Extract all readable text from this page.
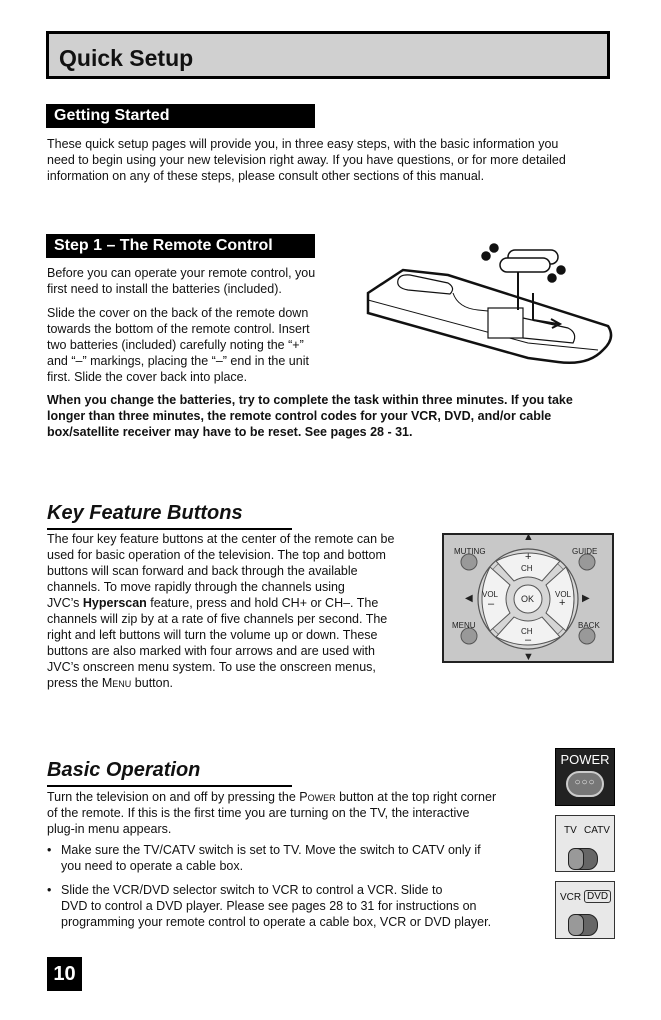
Quick Setup
Getting Started

These quick setup pages will provide you, in three easy steps, with the basic information you

need to begin using your new television right away. If you have questions, or for more detailed

information on any of these steps, please consult other sections of this manual.

Step 1 – The Remote Control

Before you can operate your remote control, you

first need to install the batteries (included).

Slide the cover on the back of the remote down

towards the bottom of the remote control. Insert

two batteries (included) carefully noting the “+”

and “–” markings, placing the “–” end in the unit

first. Slide the cover back into place.

When you change the batteries, try to complete the task within three minutes. If you take

longer than three minutes, the remote control codes for your VCR, DVD, and/or cable

box/satellite receiver may have to be reset. See pages 28 - 31.

Key Feature Buttons

The four key feature buttons at the center of the remote can be

used for basic operation of the television. The top and bottom

buttons will scan forward and back through the available

channels. To move rapidly through the channels using

JVC’s Hyperscan feature, press and hold CH+ or CH–. The

channels will zip by at a rate of five channels per second. The

right and left buttons will turn the volume up or down. These

buttons are also marked with four arrows and are used with

JVC’s onscreen menu system. To use the onscreen menus,

press the Menu button.

MUTING	GUIDE
MENU	BACK
▲
▼
◀	▶
+
CH
CH
–
VOL
–
VOL
+
OK

Basic Operation

Turn the television on and off by pressing the Power button at the top right corner

of the remote. If this is the first time you are turning on the TV, the interactive

plug-in menu appears.

• Make sure the TV/CATV switch is set to TV. Move the switch to CATV only if
you need to operate a cable box.
• Slide the VCR/DVD selector switch to VCR to control a VCR. Slide to
DVD to control a DVD player. Please see pages 28 to 31 for instructions on
programming your remote control to operate a cable box, VCR or DVD player.
POWER
○○○
TV CATV
VCR DVD
10
